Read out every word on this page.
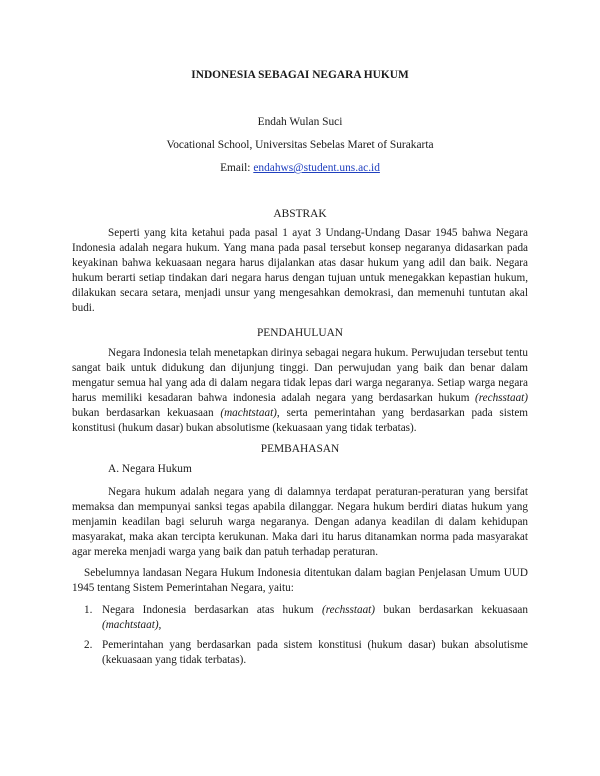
INDONESIA SEBAGAI NEGARA HUKUM
Endah Wulan Suci
Vocational School, Universitas Sebelas Maret of Surakarta
Email: endahws@student.uns.ac.id
ABSTRAK

Seperti yang kita ketahui pada pasal 1 ayat 3 Undang-Undang Dasar 1945 bahwa Negara Indonesia adalah negara hukum. Yang mana pada pasal tersebut konsep negaranya didasarkan pada keyakinan bahwa kekuasaan negara harus dijalankan atas dasar hukum yang adil dan baik. Negara hukum berarti setiap tindakan dari negara harus dengan tujuan untuk menegakkan kepastian hukum, dilakukan secara setara, menjadi unsur yang mengesahkan demokrasi, dan memenuhi tuntutan akal budi.

PENDAHULUAN

Negara Indonesia telah menetapkan dirinya sebagai negara hukum. Perwujudan tersebut tentu sangat baik untuk didukung dan dijunjung tinggi. Dan perwujudan yang baik dan benar dalam mengatur semua hal yang ada di dalam negara tidak lepas dari warga negaranya. Setiap warga negara harus memiliki kesadaran bahwa indonesia adalah negara yang berdasarkan hukum (rechsstaat) bukan berdasarkan kekuasaan (machtstaat), serta pemerintahan yang berdasarkan pada sistem konstitusi (hukum dasar) bukan absolutisme (kekuasaan yang tidak terbatas).

PEMBAHASAN
A. Negara Hukum

Negara hukum adalah negara yang di dalamnya terdapat peraturan-peraturan yang bersifat memaksa dan mempunyai sanksi tegas apabila dilanggar. Negara hukum berdiri diatas hukum yang menjamin keadilan bagi seluruh warga negaranya. Dengan adanya keadilan di dalam kehidupan masyarakat, maka akan tercipta kerukunan. Maka dari itu harus ditanamkan norma pada masyarakat agar mereka menjadi warga yang baik dan patuh terhadap peraturan.

Sebelumnya landasan Negara Hukum Indonesia ditentukan dalam bagian Penjelasan Umum UUD 1945 tentang Sistem Pemerintahan Negara, yaitu:

1. Negara Indonesia berdasarkan atas hukum (rechsstaat) bukan berdasarkan kekuasaan (machtstaat),
2. Pemerintahan yang berdasarkan pada sistem konstitusi (hukum dasar) bukan absolutisme (kekuasaan yang tidak terbatas).
